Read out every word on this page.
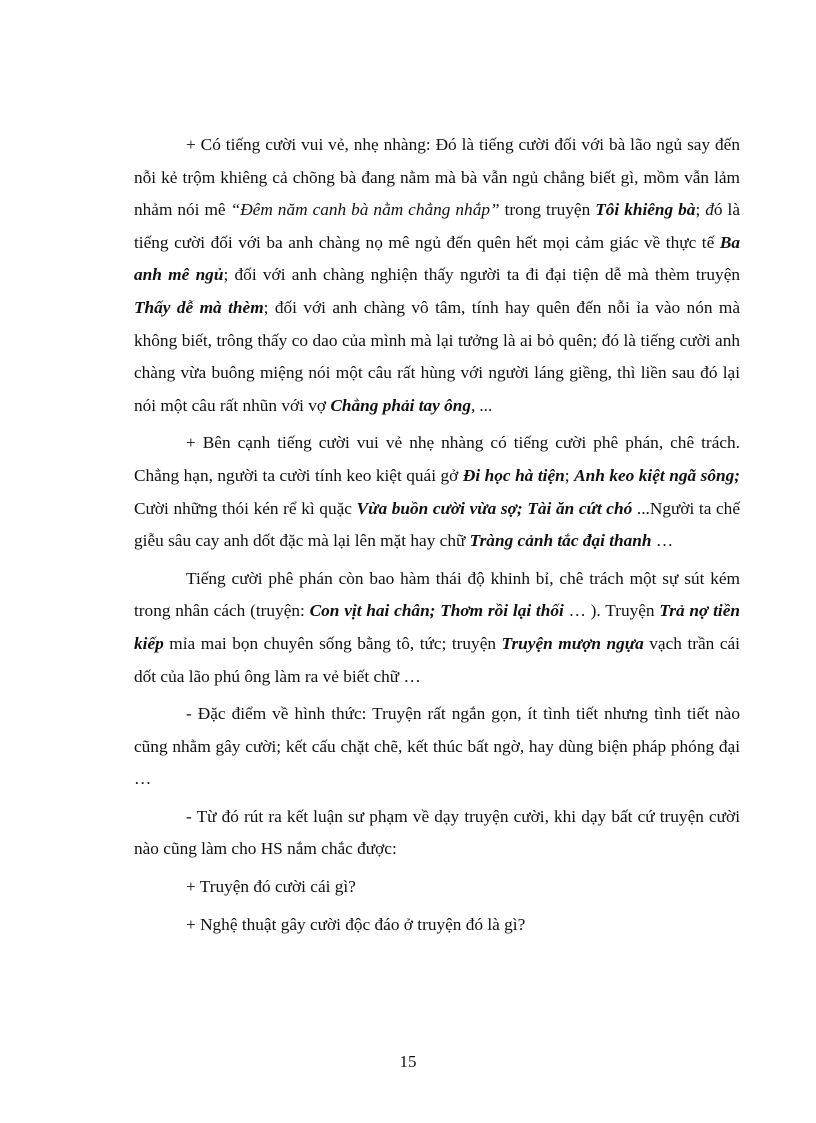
+ Có tiếng cười vui vẻ, nhẹ nhàng: Đó là tiếng cười đối với bà lão ngủ say đến nỗi kẻ trộm khiêng cả chõng bà đang nằm mà bà vẫn ngủ chẳng biết gì, mồm vẫn lảm nhảm nói mê “Đêm năm canh bà nằm chẳng nhắp” trong truyện Tôi khiêng bà; đó là tiếng cười đối với ba anh chàng nọ mê ngủ đến quên hết mọi cảm giác về thực tế Ba anh mê ngủ; đối với anh chàng nghiện thấy người ta đi đại tiện dễ mà thèm truyện Thấy dễ mà thèm; đối với anh chàng vô tâm, tính hay quên đến nỗi ỉa vào nón mà không biết, trông thấy co dao của mình mà lại tưởng là ai bỏ quên; đó là tiếng cười anh chàng vừa buông miệng nói một câu rất hùng với người láng giềng, thì liền sau đó lại nói một câu rất nhũn với vợ Chẳng phải tay ông, ...

+ Bên cạnh tiếng cười vui vẻ nhẹ nhàng có tiếng cười phê phán, chê trách. Chẳng hạn, người ta cười tính keo kiệt quái gở Đi học hà tiện; Anh keo kiệt ngã sông; Cười những thói kén rể kì quặc Vừa buồn cười vừa sợ; Tài ăn cứt chó ...Người ta chế giễu sâu cay anh dốt đặc mà lại lên mặt hay chữ Tràng cảnh tắc đại thanh …

Tiếng cười phê phán còn bao hàm thái độ khinh bỉ, chê trách một sự sút kém trong nhân cách (truyện: Con vịt hai chân; Thơm rồi lại thối … ). Truyện Trả nợ tiền kiếp mỉa mai bọn chuyên sống bằng tô, tức; truyện Truyện mượn ngựa vạch trần cái dốt của lão phú ông làm ra vẻ biết chữ …

- Đặc điểm về hình thức: Truyện rất ngắn gọn, ít tình tiết nhưng tình tiết nào cũng nhằm gây cười; kết cấu chặt chẽ, kết thúc bất ngờ, hay dùng biện pháp phóng đại …

- Từ đó rút ra kết luận sư phạm về dạy truyện cười, khi dạy bất cứ truyện cười nào cũng làm cho HS nắm chắc được:

+ Truyện đó cười cái gì?

+ Nghệ thuật gây cười độc đáo ở truyện đó là gì?

15
